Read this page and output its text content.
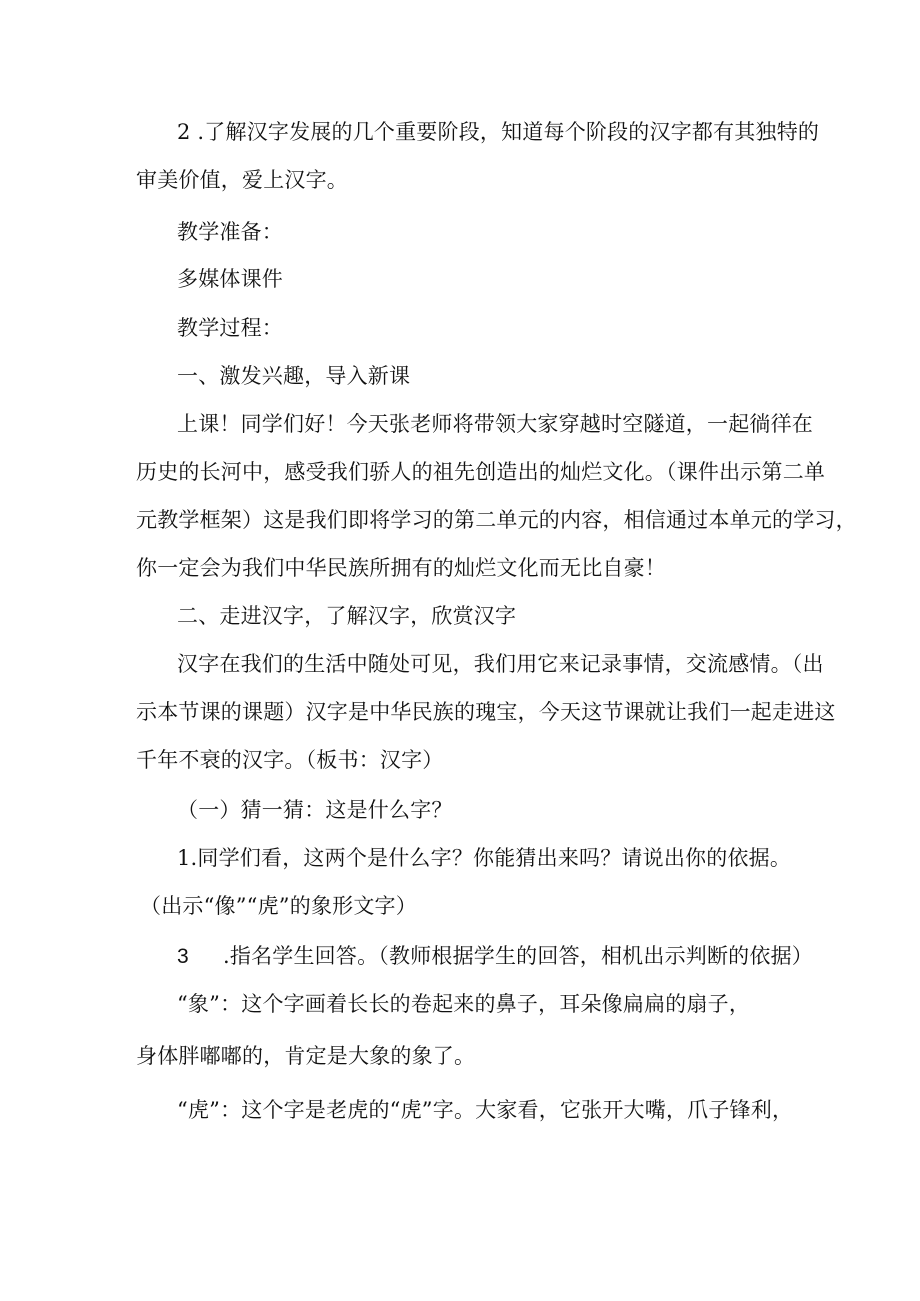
2 .了解汉字发展的几个重要阶段，知道每个阶段的汉字都有其独特的
审美价值，爱上汉字。
教学准备：
多媒体课件
教学过程：
一、激发兴趣，导入新课
上课！同学们好！今天张老师将带领大家穿越时空隧道，一起徜徉在
历史的长河中，感受我们骄人的祖先创造出的灿烂文化。（课件出示第二单
元教学框架）这是我们即将学习的第二单元的内容，相信通过本单元的学习，
你一定会为我们中华民族所拥有的灿烂文化而无比自豪！
二、走进汉字，了解汉字，欣赏汉字
汉字在我们的生活中随处可见，我们用它来记录事情，交流感情。（出
示本节课的课题）汉字是中华民族的瑰宝，今天这节课就让我们一起走进这
千年不衰的汉字。（板书：汉字）
（一）猜一猜：这是什么字？
1.同学们看，这两个是什么字？你能猜出来吗？请说出你的依据。
（出示“像”“虎”的象形文字）
3 .指名学生回答。（教师根据学生的回答，相机出示判断的依据）
“象”：这个字画着长长的卷起来的鼻子，耳朵像扁扁的扇子，
身体胖嘟嘟的，肯定是大象的象了。
“虎”：这个字是老虎的“虎”字。大家看，它张开大嘴，爪子锋利，
